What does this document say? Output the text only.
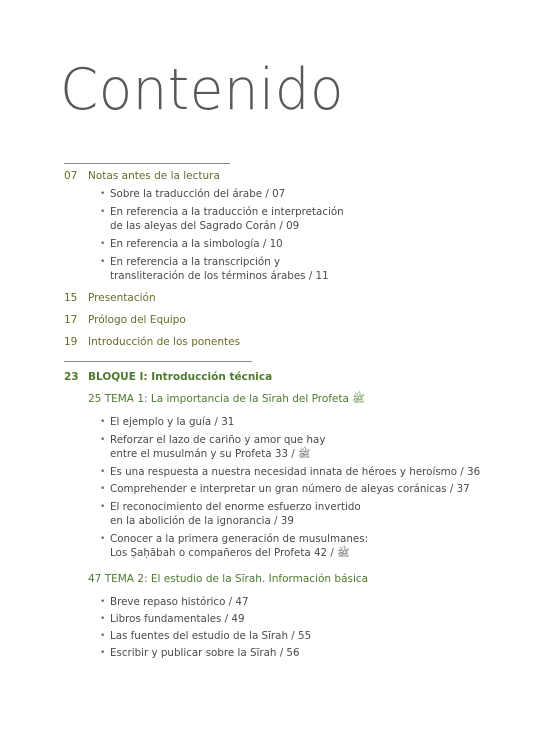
Contenido
07 Notas antes de la lectura
• Sobre la traducción del árabe / 07
• En referencia a la traducción e interpretación
de las aleyas del Sagrado Corán / 09
• En referencia a la simbología / 10
• En referencia a la transcripción y
transliteración de los términos árabes / 11
15 Presentación
17 Prólogo del Equipo
19 Introducción de los ponentes
23 BLOQUE I: Introducción técnica
25 TEMA 1: La importancia de la Sīrah del Profeta ﷺ
• El ejemplo y la guía / 31
• Reforzar el lazo de cariño y amor que hay
entre el musulmán y su Profeta ﷺ / 33
• Es una respuesta a nuestra necesidad innata de héroes y heroísmo / 36
• Comprehender e interpretar un gran número de aleyas coránicas / 37
• El reconocimiento del enorme esfuerzo invertido
en la abolición de la ignorancia / 39
• Conocer a la primera generación de musulmanes:
Los Ṣaḥābah o compañeros del Profeta ﷺ / 42
47 TEMA 2: El estudio de la Sīrah. Información básica
• Breve repaso histórico / 47
• Libros fundamentales / 49
• Las fuentes del estudio de la Sīrah / 55
• Escribir y publicar sobre la Sīrah / 56
